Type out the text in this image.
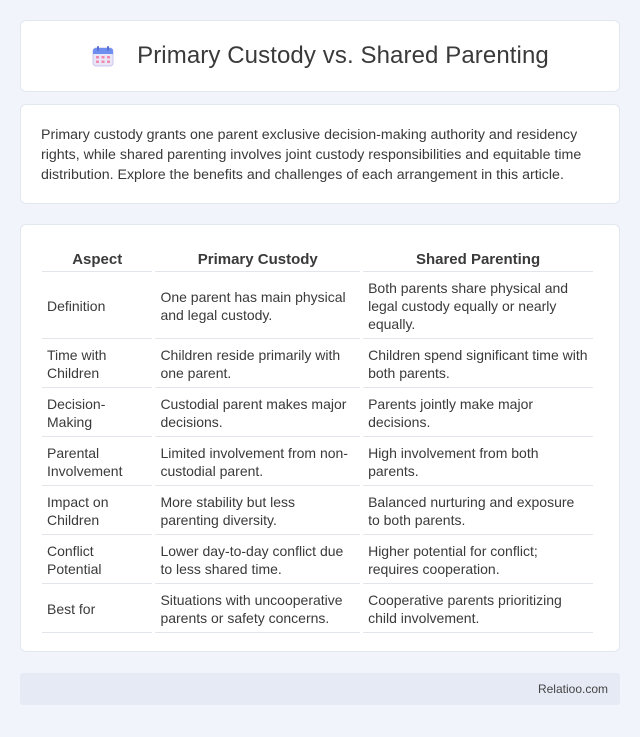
Primary Custody vs. Shared Parenting

Primary custody grants one parent exclusive decision-making authority and residency rights, while shared parenting involves joint custody responsibilities and equitable time distribution. Explore the benefits and challenges of each arrangement in this article.

Aspect	Primary Custody	Shared Parenting
Definition	One parent has main physical and legal custody.	Both parents share physical and legal custody equally or nearly equally.
Time with Children	Children reside primarily with one parent.	Children spend significant time with both parents.
Decision-Making	Custodial parent makes major decisions.	Parents jointly make major decisions.
Parental Involvement	Limited involvement from non-custodial parent.	High involvement from both parents.
Impact on Children	More stability but less parenting diversity.	Balanced nurturing and exposure to both parents.
Conflict Potential	Lower day-to-day conflict due to less shared time.	Higher potential for conflict; requires cooperation.
Best for	Situations with uncooperative parents or safety concerns.	Cooperative parents prioritizing child involvement.
Relatioo.com
